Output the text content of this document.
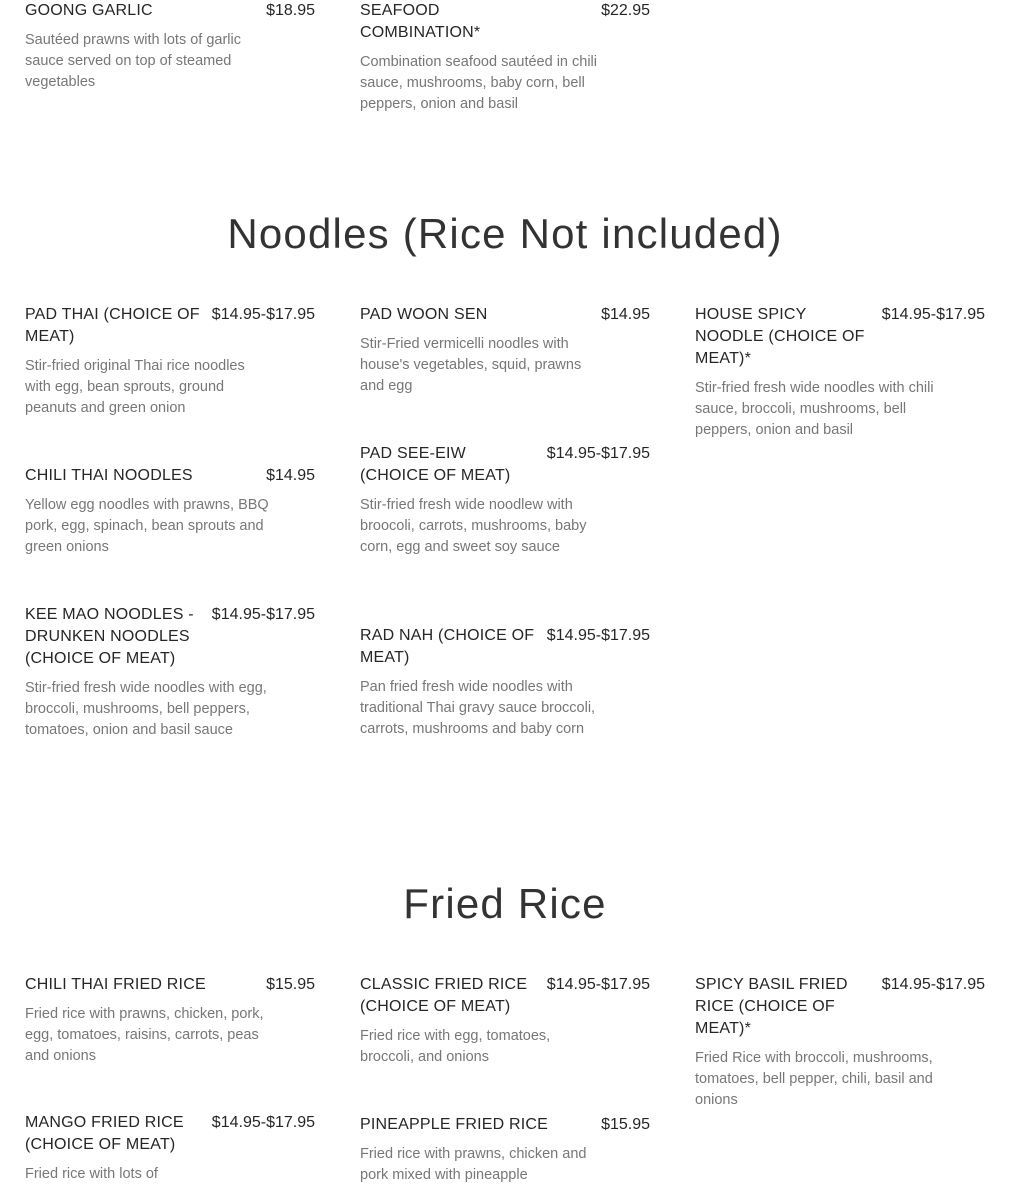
GOONG GARLIC	$18.95
Sautéed prawns with lots of garlic sauce served on top of steamed vegetables
SEAFOOD COMBINATION*
$22.95
Combination seafood sautéed in chili sauce, mushrooms, baby corn, bell peppers, onion and basil
Noodles (Rice Not included)
PAD THAI (CHOICE OF MEAT)
$14.95-$17.95
Stir-fried original Thai rice noodles with egg, bean sprouts, ground peanuts and green onion
PAD WOON SEN	$14.95
Stir-Fried vermicelli noodles with house's vegetables, squid, prawns and egg
HOUSE SPICY NOODLE (CHOICE OF MEAT)*
$14.95-$17.95
Stir-fried fresh wide noodles with chili sauce, broccoli, mushrooms, bell peppers, onion and basil
CHILI THAI NOODLES	$14.95
Yellow egg noodles with prawns, BBQ pork, egg, spinach, bean sprouts and green onions
PAD SEE-EIW (CHOICE OF MEAT)
$14.95-$17.95
Stir-fried fresh wide noodlew with broocoli, carrots, mushrooms, baby corn, egg and sweet soy sauce
KEE MAO NOODLES - DRUNKEN NOODLES (CHOICE OF MEAT)
$14.95-$17.95
Stir-fried fresh wide noodles with egg, broccoli, mushrooms, bell peppers, tomatoes, onion and basil sauce
RAD NAH (CHOICE OF MEAT)
$14.95-$17.95
Pan fried fresh wide noodles with traditional Thai gravy sauce broccoli, carrots, mushrooms and baby corn
Fried Rice
CHILI THAI FRIED RICE	$15.95
Fried rice with prawns, chicken, pork, egg, tomatoes, raisins, carrots, peas and onions
CLASSIC FRIED RICE (CHOICE OF MEAT)
$14.95-$17.95
Fried rice with egg, tomatoes, broccoli, and onions
SPICY BASIL FRIED RICE (CHOICE OF MEAT)*
$14.95-$17.95
Fried Rice with broccoli, mushrooms, tomatoes, bell pepper, chili, basil and onions
MANGO FRIED RICE (CHOICE OF MEAT)
$14.95-$17.95
Fried rice with lots of
PINEAPPLE FRIED RICE	$15.95
Fried rice with prawns, chicken and pork mixed with pineapple
